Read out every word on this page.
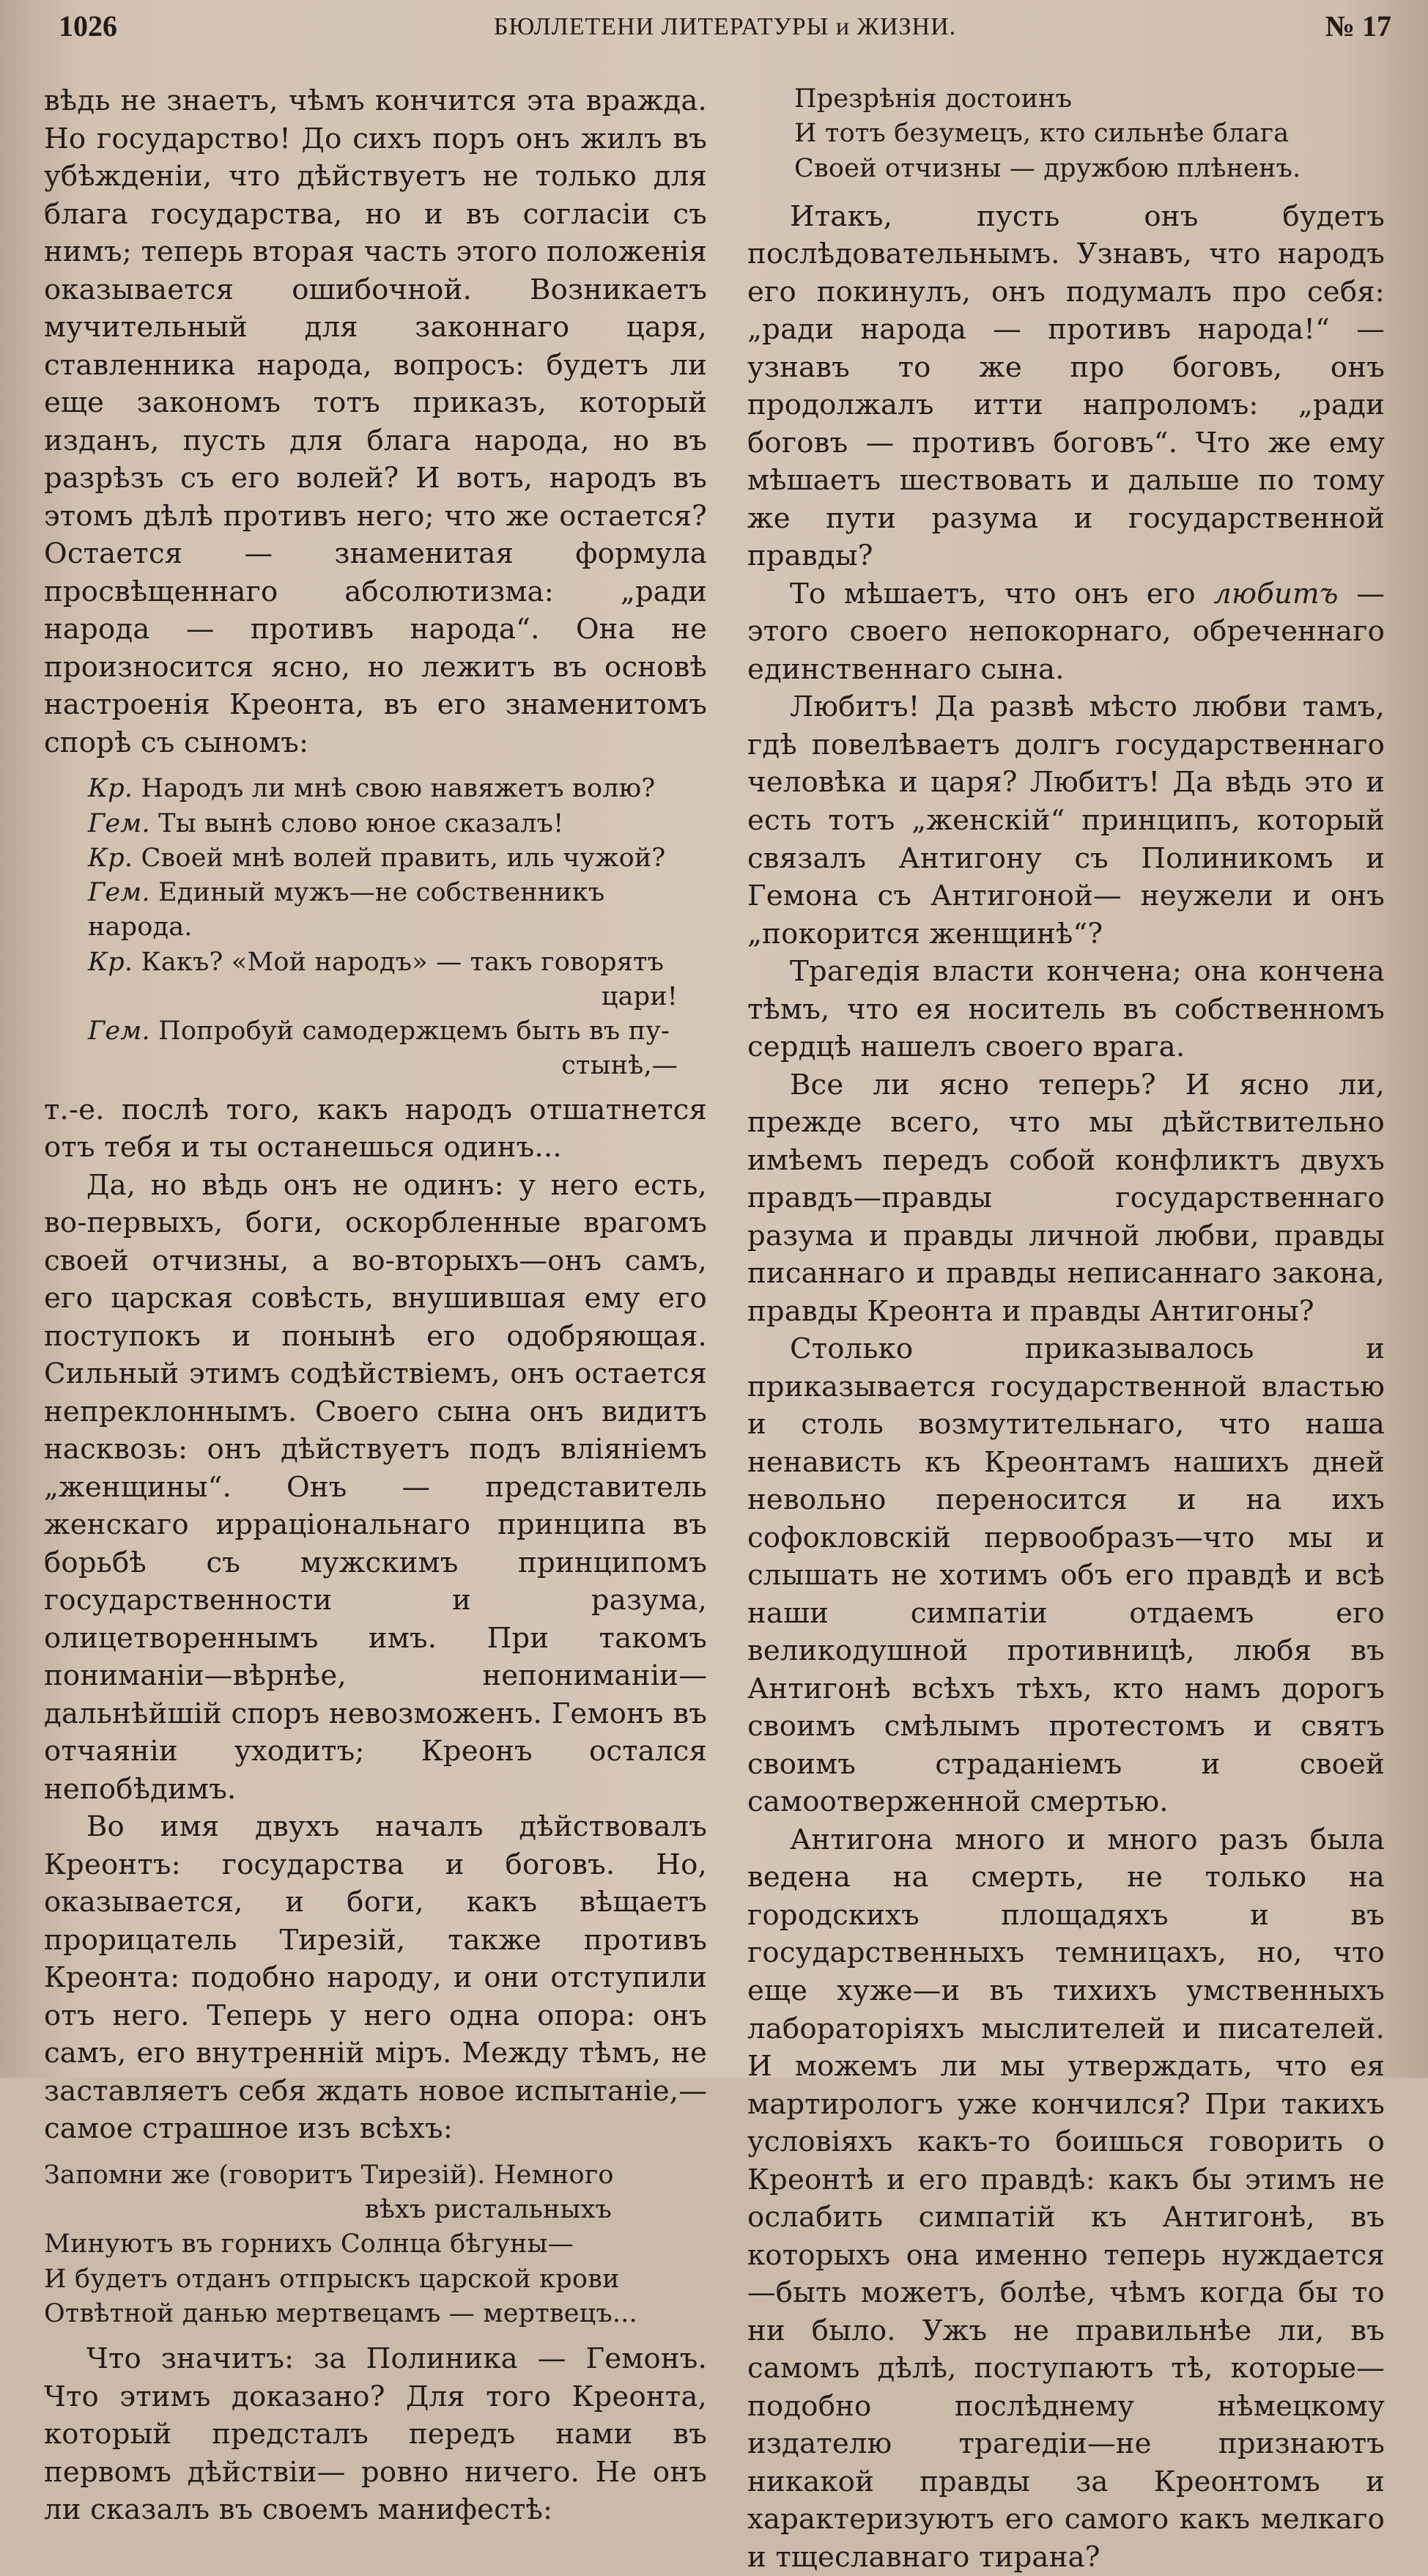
1026	БЮЛЛЕТЕНИ ЛИТЕРАТУРЫ и ЖИЗНИ.	№ 17

вѣдь не знаетъ, чѣмъ кончится эта вражда. Но государство! До сихъ поръ онъ жилъ въ убѣжденіи, что дѣйствуетъ не только для блага государства, но и въ согласіи съ нимъ; теперь вторая часть этого положенія оказывается ошибочной. Возникаетъ мучительный для законнаго царя, ставленника народа, вопросъ: будетъ ли еще закономъ тотъ приказъ, который изданъ, пусть для блага народа, но въ разрѣзъ съ его волей? И вотъ, народъ въ этомъ дѣлѣ противъ него; что же остается? Остается — знаменитая формула просвѣщеннаго абсолютизма: „ради народа — противъ народа“. Она не произносится ясно, но лежитъ въ основѣ настроенія Креонта, въ его знаменитомъ спорѣ съ сыномъ:

Кр. Народъ ли мнѣ свою навяжетъ волю?
Гем. Ты вынѣ слово юное сказалъ!
Кр. Своей мнѣ волей править, иль чужой?
Гем. Единый мужъ—не собственникъ народа.
Кр. Какъ? «Мой народъ» — такъ говорятъ
цари!
Гем. Попробуй самодержцемъ быть въ пу-
стынѣ,—

т.-е. послѣ того, какъ народъ отшатнется отъ тебя и ты останешься одинъ...

Да, но вѣдь онъ не одинъ: у него есть, во-первыхъ, боги, оскорбленные врагомъ своей отчизны, а во-вторыхъ—онъ самъ, его царская совѣсть, внушившая ему его поступокъ и понынѣ его одобряющая. Сильный этимъ содѣйствіемъ, онъ остается непреклоннымъ. Своего сына онъ видитъ насквозь: онъ дѣйствуетъ подъ вліяніемъ „женщины“. Онъ — представитель женскаго ирраціональнаго принципа въ борьбѣ съ мужскимъ принципомъ государственности и разума, олицетвореннымъ имъ. При такомъ пониманіи—вѣрнѣе, непониманіи—дальнѣйшій споръ невозможенъ. Гемонъ въ отчаяніи уходитъ; Креонъ остался непобѣдимъ.

Во имя двухъ началъ дѣйствовалъ Креонтъ: государства и боговъ. Но, оказывается, и боги, какъ вѣщаетъ прорицатель Тирезій, также противъ Креонта: подобно народу, и они отступили отъ него. Теперь у него одна опора: онъ самъ, его внутренній міръ. Между тѣмъ, не заставляетъ себя ждать новое испытаніе,— самое страшное изъ всѣхъ:

Запомни же (говоритъ Тирезій). Немного
вѣхъ ристальныхъ
Минуютъ въ горнихъ Солнца бѣгуны—
И будетъ отданъ отпрыскъ царской крови
Отвѣтной данью мертвецамъ — мертвецъ...

Что значитъ: за Полиника — Гемонъ. Что этимъ доказано? Для того Креонта, который предсталъ передъ нами въ первомъ дѣйствіи— ровно ничего. Не онъ ли сказалъ въ своемъ манифестѣ:

Презрѣнія достоинъ
И тотъ безумецъ, кто сильнѣе блага
Своей отчизны — дружбою плѣненъ.

Итакъ, пусть онъ будетъ послѣдовательнымъ. Узнавъ, что народъ его покинулъ, онъ подумалъ про себя: „ради народа — противъ народа!“ — узнавъ то же про боговъ, онъ продолжалъ итти напроломъ: „ради боговъ — противъ боговъ“. Что же ему мѣшаетъ шествовать и дальше по тому же пути разума и государственной правды?

То мѣшаетъ, что онъ его любитъ — этого своего непокорнаго, обреченнаго единственнаго сына.

Любитъ! Да развѣ мѣсто любви тамъ, гдѣ повелѣваетъ долгъ государственнаго человѣка и царя? Любитъ! Да вѣдь это и есть тотъ „женскій“ принципъ, который связалъ Антигону съ Полиникомъ и Гемона съ Антигоной— неужели и онъ „покорится женщинѣ“?

Трагедія власти кончена; она кончена тѣмъ, что ея носитель въ собственномъ сердцѣ нашелъ своего врага.

Все ли ясно теперь? И ясно ли, прежде всего, что мы дѣйствительно имѣемъ передъ собой конфликтъ двухъ правдъ—правды государственнаго разума и правды личной любви, правды писаннаго и правды неписаннаго закона, правды Креонта и правды Антигоны?

Столько приказывалось и приказывается государственной властью и столь возмутительнаго, что наша ненависть къ Креонтамъ нашихъ дней невольно переносится и на ихъ софокловскій первообразъ—что мы и слышать не хотимъ объ его правдѣ и всѣ наши симпатіи отдаемъ его великодушной противницѣ, любя въ Антигонѣ всѣхъ тѣхъ, кто намъ дорогъ своимъ смѣлымъ протестомъ и святъ своимъ страданіемъ и своей самоотверженной смертью.

Антигона много и много разъ была ведена на смерть, не только на городскихъ площадяхъ и въ государственныхъ темницахъ, но, что еще хуже—и въ тихихъ умственныхъ лабораторіяхъ мыслителей и писателей. И можемъ ли мы утверждать, что ея мартирологъ уже кончился? При такихъ условіяхъ какъ-то боишься говорить о Креонтѣ и его правдѣ: какъ бы этимъ не ослабить симпатій къ Антигонѣ, въ которыхъ она именно теперь нуждается—быть можетъ, болѣе, чѣмъ когда бы то ни было. Ужъ не правильнѣе ли, въ самомъ дѣлѣ, поступаютъ тѣ, которые—подобно послѣднему нѣмецкому издателю трагедіи—не признаютъ никакой правды за Креонтомъ и характеризуютъ его самого какъ мелкаго и тщеславнаго тирана?
